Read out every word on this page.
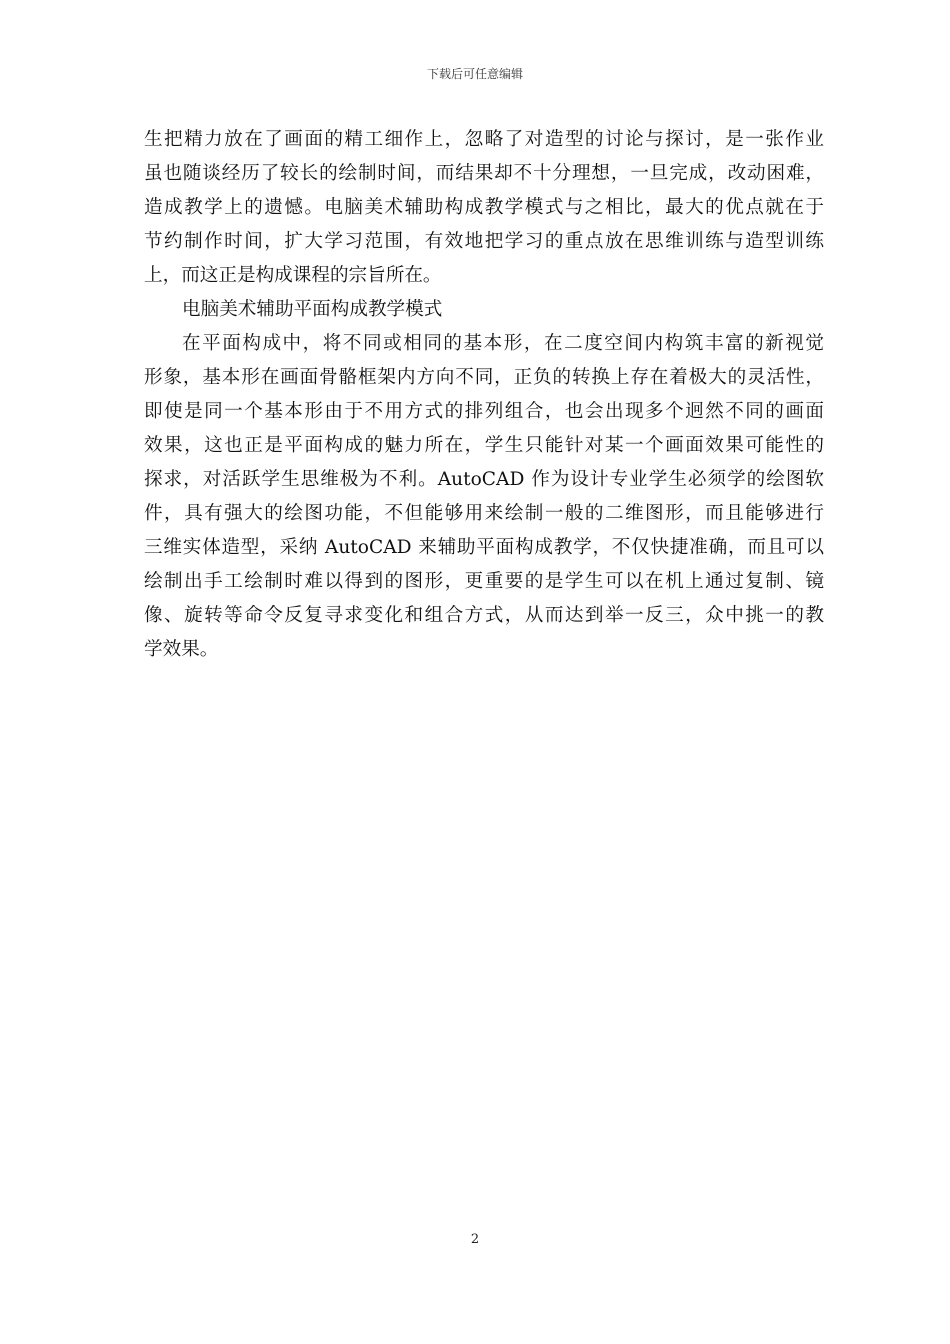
下载后可任意编辑
生把精力放在了画面的精工细作上，忽略了对造型的讨论与探讨，是一张作业
虽也随谈经历了较长的绘制时间，而结果却不十分理想，一旦完成，改动困难，
造成教学上的遗憾。电脑美术辅助构成教学模式与之相比，最大的优点就在于
节约制作时间，扩大学习范围，有效地把学习的重点放在思维训练与造型训练
上，而这正是构成课程的宗旨所在。
电脑美术辅助平面构成教学模式
在平面构成中，将不同或相同的基本形，在二度空间内构筑丰富的新视觉
形象，基本形在画面骨骼框架内方向不同，正负的转换上存在着极大的灵活性，
即使是同一个基本形由于不用方式的排列组合，也会出现多个迥然不同的画面
效果，这也正是平面构成的魅力所在，学生只能针对某一个画面效果可能性的
探求，对活跃学生思维极为不利。AutoCAD 作为设计专业学生必须学的绘图软
件，具有强大的绘图功能，不但能够用来绘制一般的二维图形，而且能够进行
三维实体造型，采纳 AutoCAD 来辅助平面构成教学，不仅快捷准确，而且可以
绘制出手工绘制时难以得到的图形，更重要的是学生可以在机上通过复制、镜
像、旋转等命令反复寻求变化和组合方式，从而达到举一反三，众中挑一的教
学效果。
2
